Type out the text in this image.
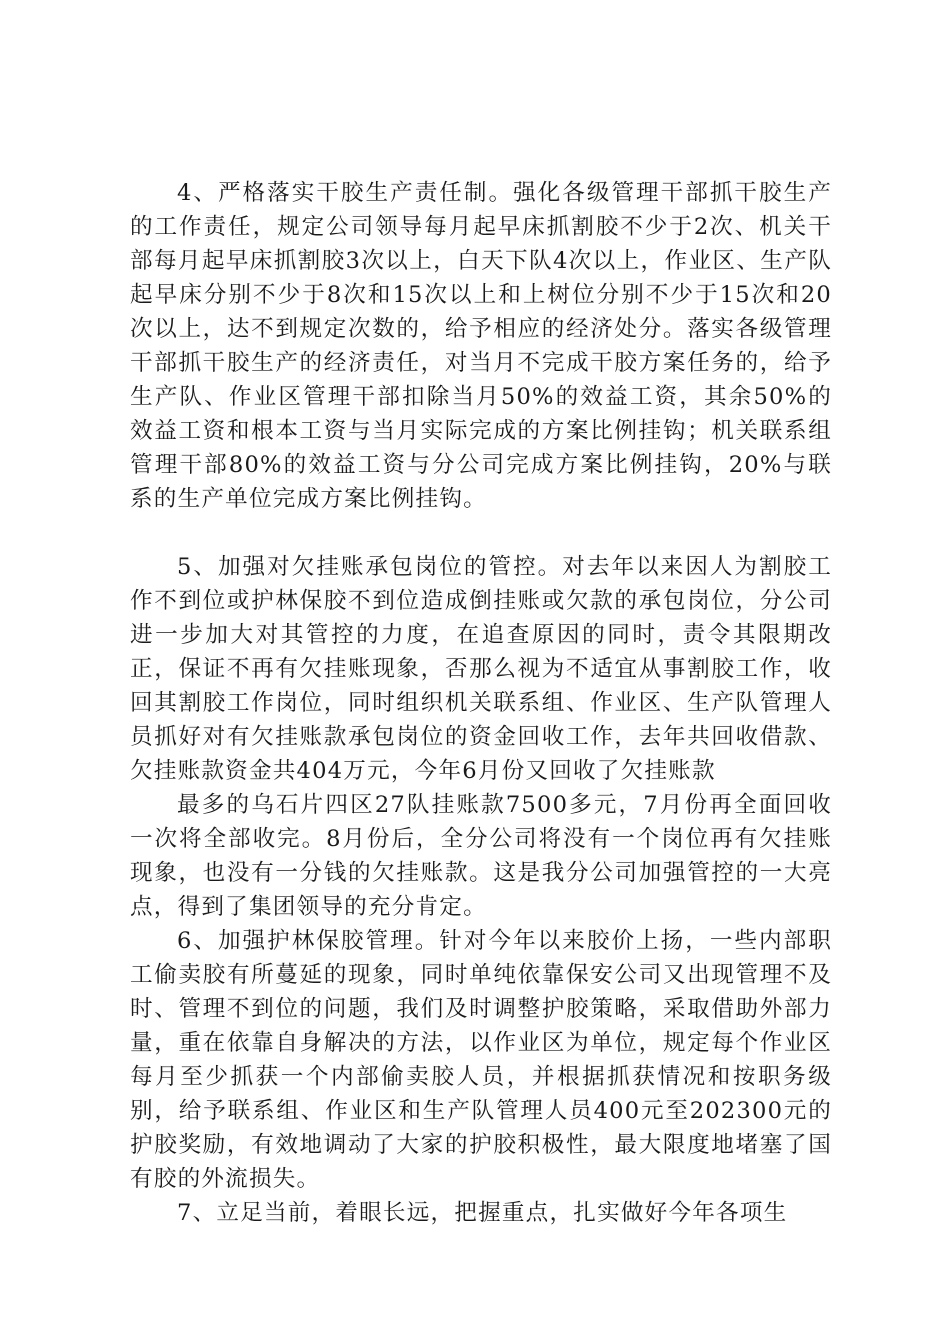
4、严格落实干胶生产责任制。强化各级管理干部抓干胶生产的工作责任，规定公司领导每月起早床抓割胶不少于2次、机关干部每月起早床抓割胶3次以上，白天下队4次以上，作业区、生产队起早床分别不少于8次和15次以上和上树位分别不少于15次和20次以上，达不到规定次数的，给予相应的经济处分。落实各级管理干部抓干胶生产的经济责任，对当月不完成干胶方案任务的，给予生产队、作业区管理干部扣除当月50%的效益工资，其余50%的效益工资和根本工资与当月实际完成的方案比例挂钩；机关联系组管理干部80%的效益工资与分公司完成方案比例挂钩，20%与联系的生产单位完成方案比例挂钩。

5、加强对欠挂账承包岗位的管控。对去年以来因人为割胶工作不到位或护林保胶不到位造成倒挂账或欠款的承包岗位，分公司进一步加大对其管控的力度，在追查原因的同时，责令其限期改正，保证不再有欠挂账现象，否那么视为不适宜从事割胶工作，收回其割胶工作岗位，同时组织机关联系组、作业区、生产队管理人员抓好对有欠挂账款承包岗位的资金回收工作，去年共回收借款、欠挂账款资金共404万元，今年6月份又回收了欠挂账款

最多的乌石片四区27队挂账款7500多元，7月份再全面回收一次将全部收完。8月份后，全分公司将没有一个岗位再有欠挂账现象，也没有一分钱的欠挂账款。这是我分公司加强管控的一大亮点，得到了集团领导的充分肯定。

6、加强护林保胶管理。针对今年以来胶价上扬，一些内部职工偷卖胶有所蔓延的现象，同时单纯依靠保安公司又出现管理不及时、管理不到位的问题，我们及时调整护胶策略，采取借助外部力量，重在依靠自身解决的方法，以作业区为单位，规定每个作业区每月至少抓获一个内部偷卖胶人员，并根据抓获情况和按职务级别，给予联系组、作业区和生产队管理人员400元至202300元的护胶奖励，有效地调动了大家的护胶积极性，最大限度地堵塞了国有胶的外流损失。

7、立足当前，着眼长远，把握重点，扎实做好今年各项生
